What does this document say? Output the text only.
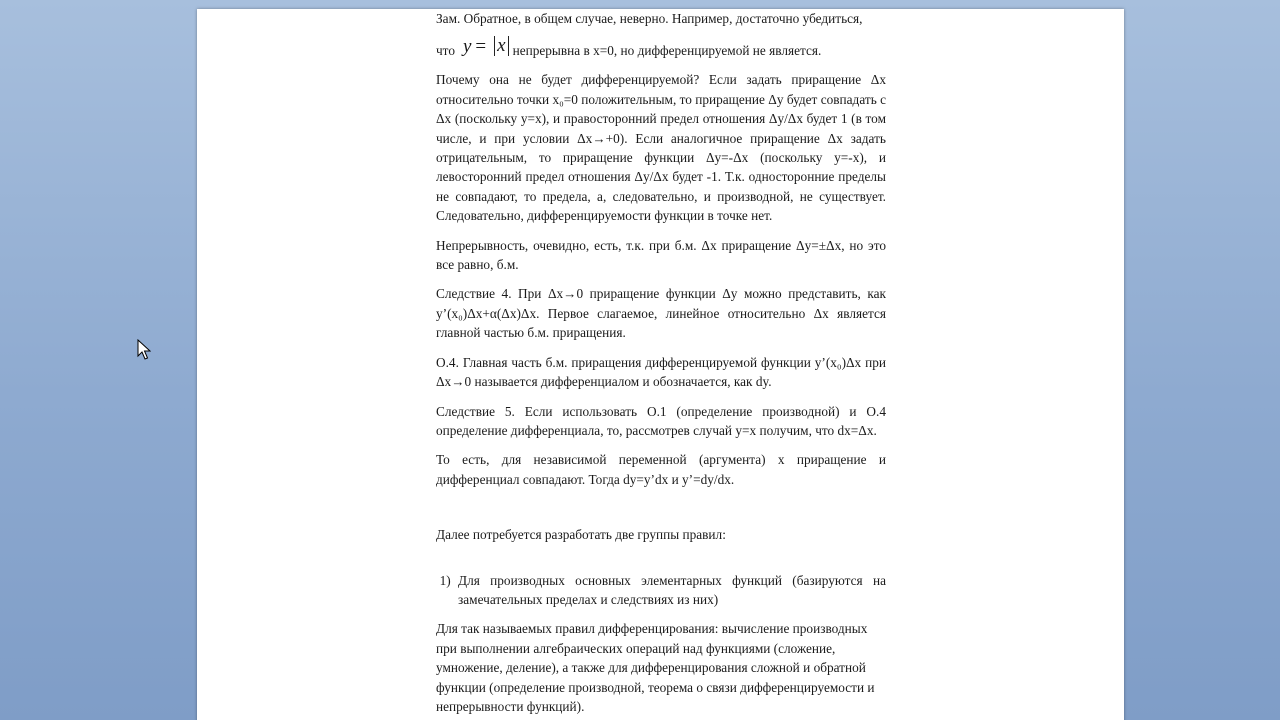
Зам. Обратное, в общем случае, неверно. Например, достаточно убедиться,

что y = x непрерывна в x=0, но дифференцируемой не является.

Почему она не будет дифференцируемой? Если задать приращение Δx относительно точки x₀=0 положительным, то приращение Δy будет совпадать с Δx (поскольку y=x), и правосторонний предел отношения Δy/Δx будет 1 (в том числе, и при условии Δx→+0). Если аналогичное приращение Δx задать отрицательным, то приращение функции Δy=-Δx (поскольку y=-x), и левосторонний предел отношения Δy/Δx будет -1. Т.к. односторонние пределы не совпадают, то предела, а, следовательно, и производной, не существует. Следовательно, дифференцируемости функции в точке нет.

Непрерывность, очевидно, есть, т.к. при б.м. Δx приращение Δy=±Δx, но это все равно, б.м.

Следствие 4. При Δx→0 приращение функции Δy можно представить, как y’(x₀)Δx+α(Δx)Δx. Первое слагаемое, линейное относительно Δx является главной частью б.м. приращения.

О.4. Главная часть б.м. приращения дифференцируемой функции y’(x₀)Δx при Δx→0 называется дифференциалом и обозначается, как dy.

Следствие 5. Если использовать О.1 (определение производной) и О.4 определение дифференциала, то, рассмотрев случай y=x получим, что dx=Δx.

То есть, для независимой переменной (аргумента) x приращение и дифференциал совпадают. Тогда dy=y’dx и y’=dy/dx.

Далее потребуется разработать две группы правил:

1) Для производных основных элементарных функций (базируются на замечательных пределах и следствиях из них)

Для так называемых правил дифференцирования: вычисление производных при выполнении алгебраических операций над функциями (сложение, умножение, деление), а также для дифференцирования сложной и обратной функции (определение производной, теорема о связи дифференцируемости и непрерывности функций).
